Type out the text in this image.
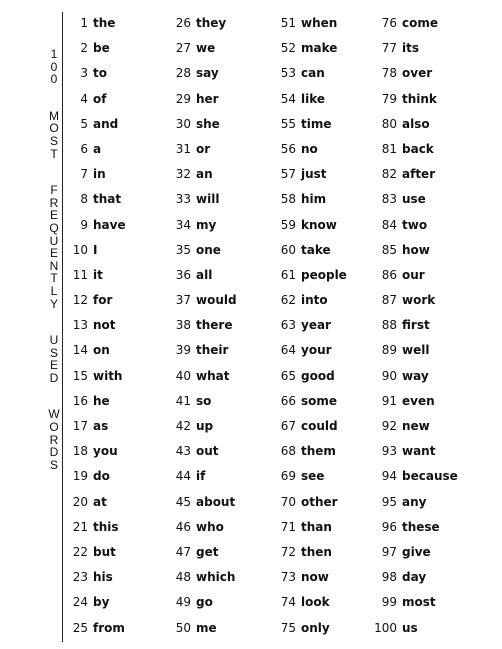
1
0
0
M
O
S
T
F
R
E
Q
U
E
N
T
L
Y
U
S
E
D
W
O
R
D
S
1 the
2 be
3 to
4 of
5 and
6 a
7 in
8 that
9 have
10 I
11 it
12 for
13 not
14 on
15 with
16 he
17 as
18 you
19 do
20 at
21 this
22 but
23 his
24 by
25 from
26 they
27 we
28 say
29 her
30 she
31 or
32 an
33 will
34 my
35 one
36 all
37 would
38 there
39 their
40 what
41 so
42 up
43 out
44 if
45 about
46 who
47 get
48 which
49 go
50 me
51 when
52 make
53 can
54 like
55 time
56 no
57 just
58 him
59 know
60 take
61 people
62 into
63 year
64 your
65 good
66 some
67 could
68 them
69 see
70 other
71 than
72 then
73 now
74 look
75 only
76 come
77 its
78 over
79 think
80 also
81 back
82 after
83 use
84 two
85 how
86 our
87 work
88 first
89 well
90 way
91 even
92 new
93 want
94 because
95 any
96 these
97 give
98 day
99 most
100 us
